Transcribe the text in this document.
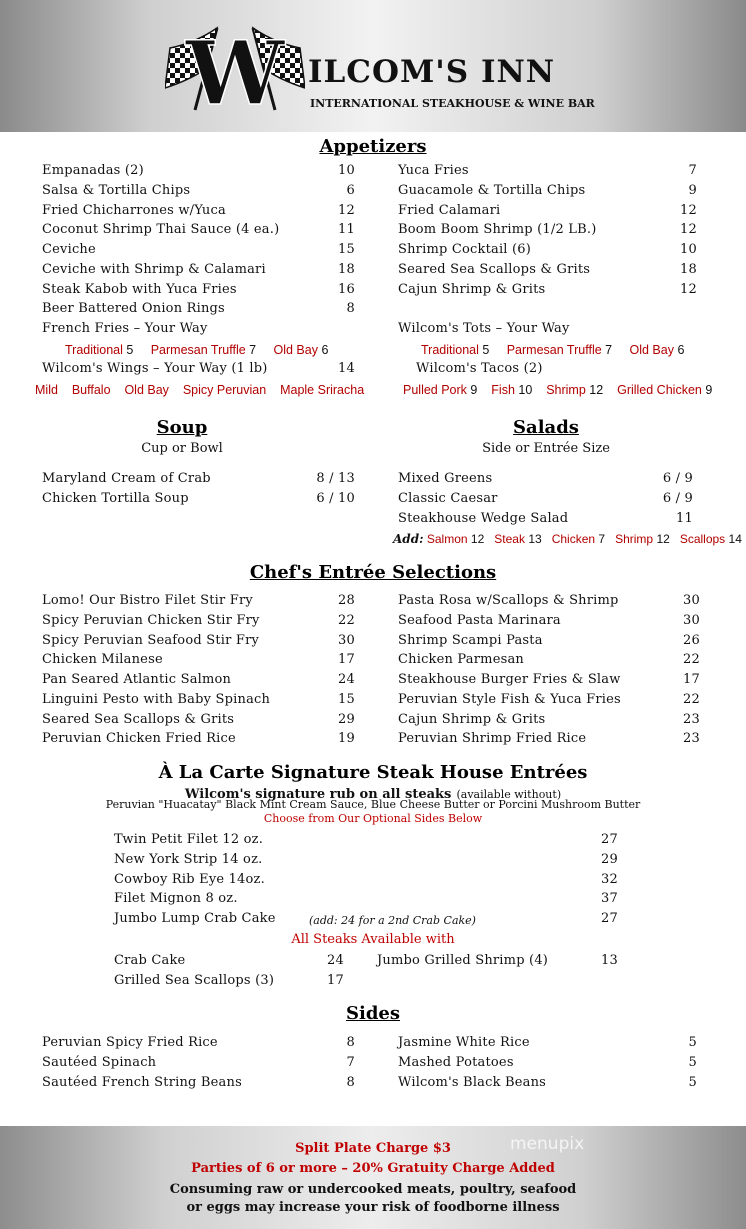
W ILCOM'S INN
INTERNATIONAL STEAKHOUSE & WINE BAR
Appetizers
Empanadas (2)	10
Salsa & Tortilla Chips	6
Fried Chicharrones w/Yuca	12
Coconut Shrimp Thai Sauce (4 ea.)	11
Ceviche	15
Ceviche with Shrimp & Calamari	18
Steak Kabob with Yuca Fries	16
Beer Battered Onion Rings	8
French Fries – Your Way
Yuca Fries	7
Guacamole & Tortilla Chips	9
Fried Calamari	12
Boom Boom Shrimp (1/2 LB.)	12
Shrimp Cocktail (6)	10
Seared Sea Scallops & Grits	18
Cajun Shrimp & Grits	12
Traditional 5 Parmesan Truffle 7 Old Bay 6
Wilcom's Wings – Your Way (1 lb)	14
Mild Buffalo Old Bay Spicy Peruvian Maple Sriracha
Wilcom's Tots – Your Way
Traditional 5 Parmesan Truffle 7 Old Bay 6
Wilcom's Tacos (2)
Pulled Pork 9 Fish 10 Shrimp 12 Grilled Chicken 9
Soup
Cup or Bowl
Maryland Cream of Crab	8 / 13
Chicken Tortilla Soup	6 / 10
Salads
Side or Entrée Size
Mixed Greens	6 / 9
Classic Caesar	6 / 9
Steakhouse Wedge Salad	11
Add: Salmon 12 Steak 13 Chicken 7 Shrimp 12 Scallops 14
Chef's Entrée Selections
Lomo! Our Bistro Filet Stir Fry	28
Spicy Peruvian Chicken Stir Fry	22
Spicy Peruvian Seafood Stir Fry	30
Chicken Milanese	17
Pan Seared Atlantic Salmon	24
Linguini Pesto with Baby Spinach	15
Seared Sea Scallops & Grits	29
Peruvian Chicken Fried Rice	19
Pasta Rosa w/Scallops & Shrimp	30
Seafood Pasta Marinara	30
Shrimp Scampi Pasta	26
Chicken Parmesan	22
Steakhouse Burger Fries & Slaw	17
Peruvian Style Fish & Yuca Fries	22
Cajun Shrimp & Grits	23
Peruvian Shrimp Fried Rice	23
À La Carte Signature Steak House Entrées
Wilcom's signature rub on all steaks (available without)
Peruvian "Huacatay" Black Mint Cream Sauce, Blue Cheese Butter or Porcini Mushroom Butter
Choose from Our Optional Sides Below
Twin Petit Filet 12 oz.	27
New York Strip 14 oz.	29
Cowboy Rib Eye 14oz.	32
Filet Mignon 8 oz.	37
Jumbo Lump Crab Cake	27
(add: 24 for a 2nd Crab Cake)
All Steaks Available with
Crab Cake	24
Grilled Sea Scallops (3)	17
Jumbo Grilled Shrimp (4)	13
Sides
Peruvian Spicy Fried Rice	8
Sautéed Spinach	7
Sautéed French String Beans	8
Jasmine White Rice	5
Mashed Potatoes	5
Wilcom's Black Beans	5
menupix
Split Plate Charge $3
Parties of 6 or more – 20% Gratuity Charge Added
Consuming raw or undercooked meats, poultry, seafood
or eggs may increase your risk of foodborne illness
